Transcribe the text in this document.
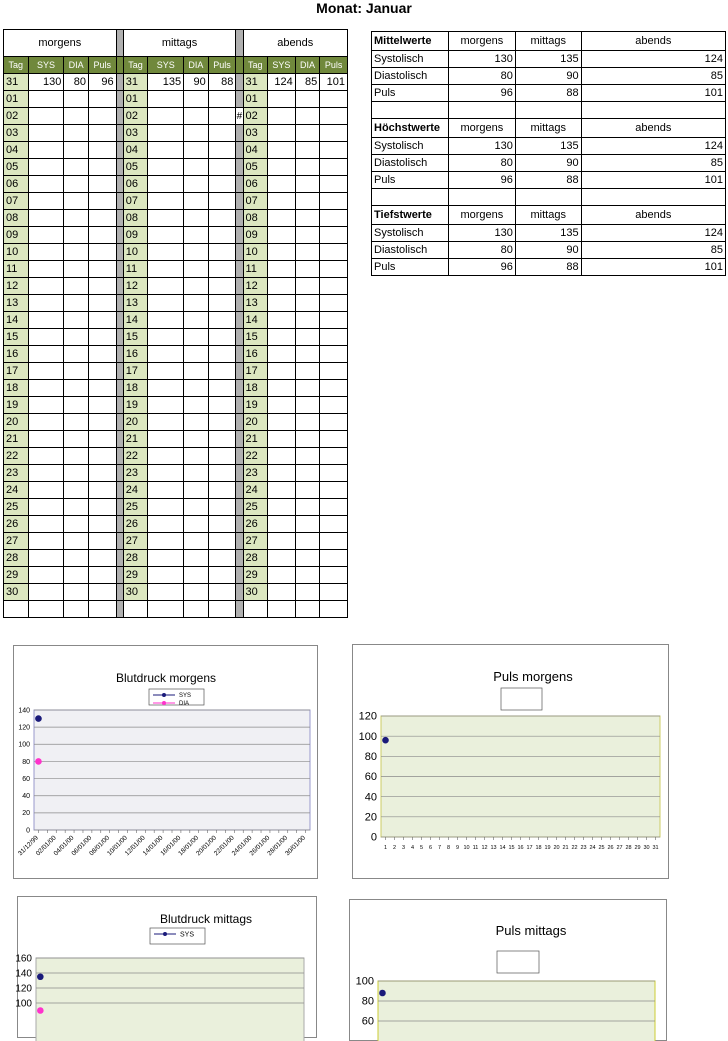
Monat: Januar
morgens					mittags					abends			
Tag	SYS	DIA	Puls		Tag	SYS	DIA	Puls		Tag	SYS	DIA	Puls
31	130	80	96		31	135	90	88		31	124	85	101
01					01					01			
02					02				#	02			
03					03					03			
04					04					04			
05					05					05			
06					06					06			
07					07					07			
08					08					08			
09					09					09			
10					10					10			
11					11					11			
12					12					12			
13					13					13			
14					14					14			
15					15					15			
16					16					16			
17					17					17			
18					18					18			
19					19					19			
20					20					20			
21					21					21			
22					22					22			
23					23					23			
24					24					24			
25					25					25			
26					26					26			
27					27					27			
28					28					28			
29					29					29			
30					30					30			

Mittelwerte	morgens	mittags	abends
Systolisch	130	135	124
Diastolisch	80	90	85
Puls	96	88	101

Höchstwerte	morgens	mittags	abends
Systolisch	130	135	124
Diastolisch	80	90	85
Puls	96	88	101

Tiefstwerte	morgens	mittags	abends
Systolisch	130	135	124
Diastolisch	80	90	85
Puls	96	88	101
Blutdruck morgens
0
20
40
60
80
100
120
140
31/12/99
02/01/00
04/01/00
06/01/00
08/01/00
10/01/00
12/01/00
14/01/00
16/01/00
18/01/00
20/01/00
22/01/00
24/01/00
26/01/00
28/01/00
30/01/00
SYS
DIA
Puls morgens
0
20
40
60
80
100
120
1 2 3 4 5 6 7 8 9 10 11 12 13 14 15 16 17 18 19 20 21 22 23 24 25 26 27 28 29 30 31
Blutdruck mittags
100
120
140
160
SYS	Puls mittags
60
80
100
